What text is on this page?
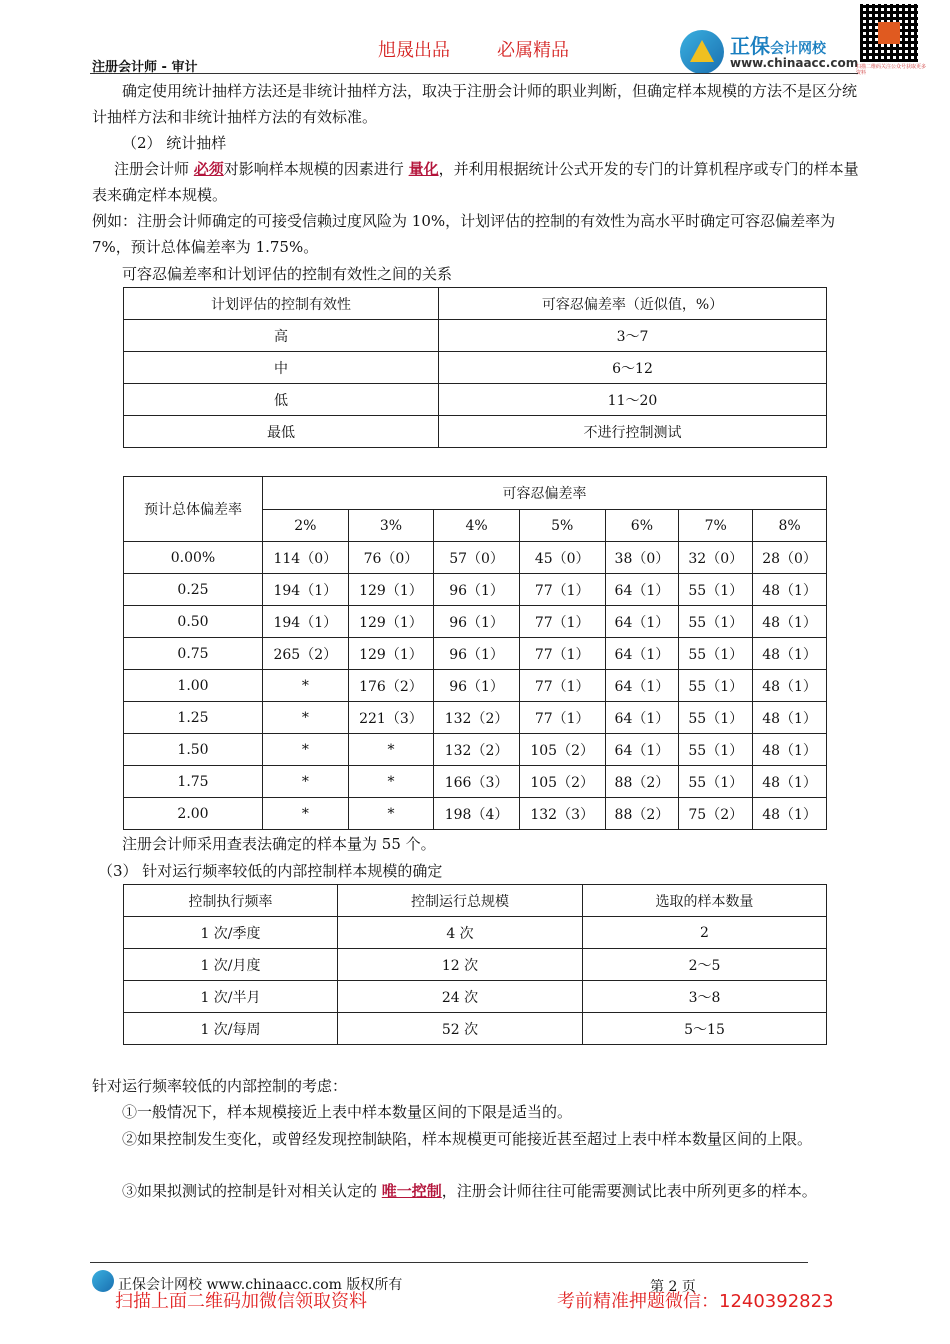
旭晟出品	必属精品
注册会计师 - 审计
正保会计网校
www.chinaacc.com
扫描二维码关注公众号获取更多资料

确定使用统计抽样方法还是非统计抽样方法，取决于注册会计师的职业判断，但确定样本规模的方法不是区分统计抽样方法和非统计抽样方法的有效标准。

（2） 统计抽样

注册会计师 必须对影响样本规模的因素进行 量化，并利用根据统计公式开发的专门的计算机程序或专门的样本量表来确定样本规模。

例如：注册会计师确定的可接受信赖过度风险为 10%，计划评估的控制的有效性为高水平时确定可容忍偏差率为 7%，预计总体偏差率为 1.75%。

可容忍偏差率和计划评估的控制有效性之间的关系

计划评估的控制有效性	可容忍偏差率（近似值，%）
高	3～7
中	6～12
低	11～20
最低	不进行控制测试
预计总体偏差率	可容忍偏差率						
	2%	3%	4%	5%	6%	7%	8%
0.00%	114（0）	76（0）	57（0）	45（0）	38（0）	32（0）	28（0）
0.25	194（1）	129（1）	96（1）	77（1）	64（1）	55（1）	48（1）
0.50	194（1）	129（1）	96（1）	77（1）	64（1）	55（1）	48（1）
0.75	265（2）	129（1）	96（1）	77（1）	64（1）	55（1）	48（1）
1.00	*	176（2）	96（1）	77（1）	64（1）	55（1）	48（1）
1.25	*	221（3）	132（2）	77（1）	64（1）	55（1）	48（1）
1.50	*	*	132（2）	105（2）	64（1）	55（1）	48（1）
1.75	*	*	166（3）	105（2）	88（2）	55（1）	48（1）
2.00	*	*	198（4）	132（3）	88（2）	75（2）	48（1）

注册会计师采用查表法确定的样本量为 55 个。

（3） 针对运行频率较低的内部控制样本规模的确定

控制执行频率	控制运行总规模	选取的样本数量
1 次/季度	4 次	2
1 次/月度	12 次	2～5
1 次/半月	24 次	3～8
1 次/每周	52 次	5～15

针对运行频率较低的内部控制的考虑：

①一般情况下，样本规模接近上表中样本数量区间的下限是适当的。

②如果控制发生变化，或曾经发现控制缺陷，样本规模更可能接近甚至超过上表中样本数量区间的上限。

③如果拟测试的控制是针对相关认定的 唯一控制，注册会计师往往可能需要测试比表中所列更多的样本。

正保会计网校 www.chinaacc.com 版权所有	第 2 页
扫描上面二维码加微信领取资料	考前精准押题微信：1240392823
